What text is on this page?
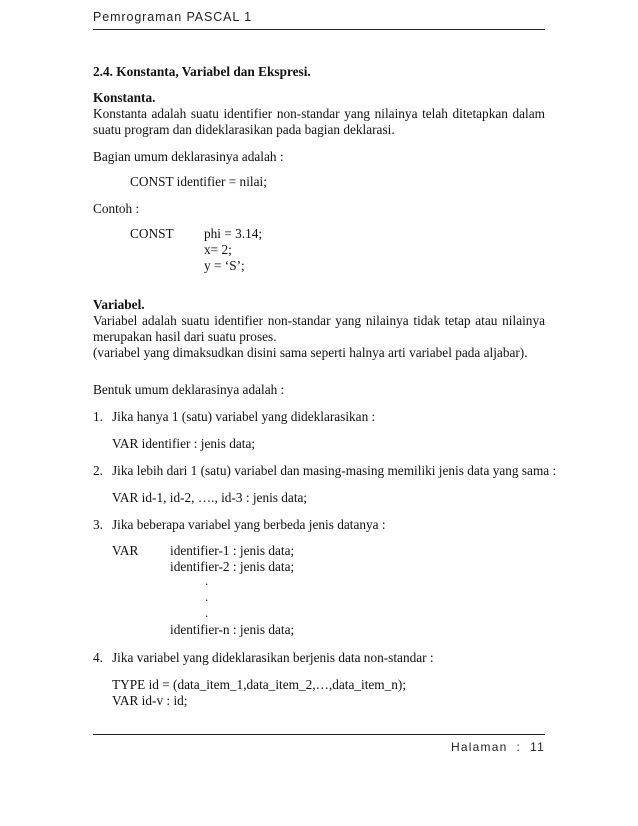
Pemrograman PASCAL 1
2.4. Konstanta, Variabel dan Ekspresi.
Konstanta.
Konstanta adalah suatu identifier non-standar yang nilainya telah ditetapkan dalam suatu program dan dideklarasikan pada bagian deklarasi.
Bagian umum deklarasinya adalah :
CONST identifier = nilai;
Contoh :
CONST phi = 3.14;
x= 2;
y = ‘S’;
Variabel.
Variabel adalah suatu identifier non-standar yang nilainya tidak tetap atau nilainya merupakan hasil dari suatu proses.
(variabel yang dimaksudkan disini sama seperti halnya arti variabel pada aljabar).
Bentuk umum deklarasinya adalah :
1. Jika hanya 1 (satu) variabel yang dideklarasikan :
VAR identifier : jenis data;
2. Jika lebih dari 1 (satu) variabel dan masing-masing memiliki jenis data yang sama :
VAR id-1, id-2, …., id-3 : jenis data;
3. Jika beberapa variabel yang berbeda jenis datanya :
VAR identifier-1 : jenis data;
identifier-2 : jenis data;
.
.
.
identifier-n : jenis data;
4. Jika variabel yang dideklarasikan berjenis data non-standar :
TYPE id = (data_item_1,data_item_2,…,data_item_n);
VAR id-v : id;
Halaman  :  11
